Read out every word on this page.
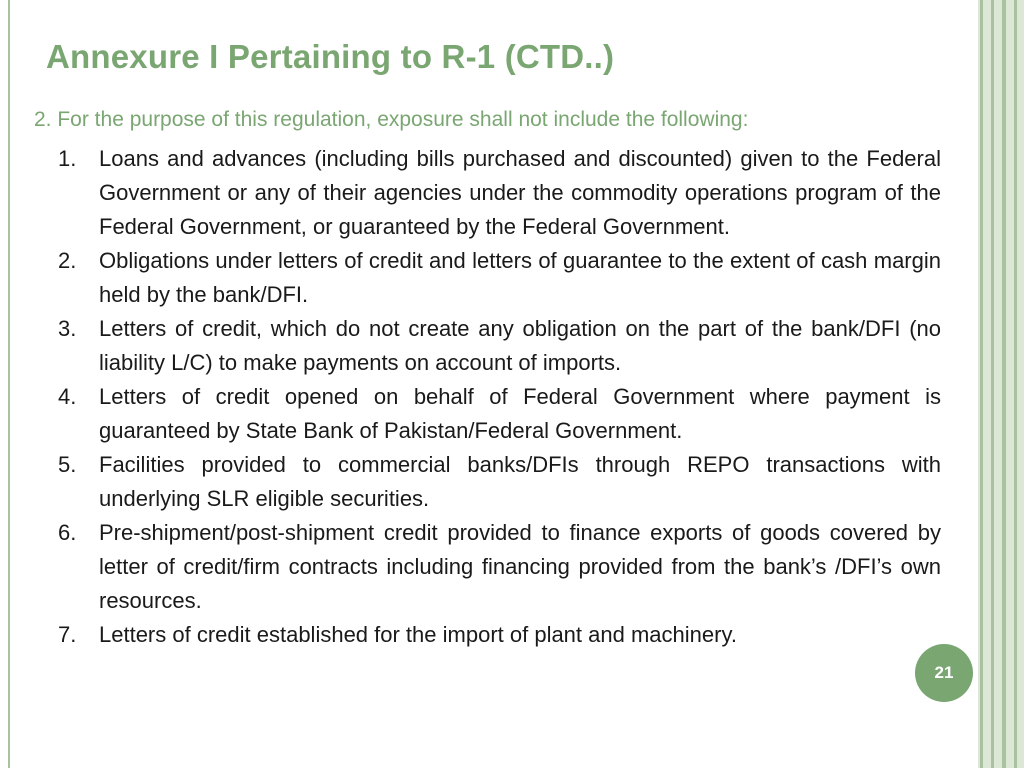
Annexure I Pertaining to R-1 (CTD..)

2. For the purpose of this regulation, exposure shall not include the following:

1. Loans and advances (including bills purchased and discounted) given to the Federal Government or any of their agencies under the commodity operations program of the Federal Government, or guaranteed by the Federal Government.
2. Obligations under letters of credit and letters of guarantee to the extent of cash margin held by the bank/DFI.
3. Letters of credit, which do not create any obligation on the part of the bank/DFI (no liability L/C) to make payments on account of imports.
4. Letters of credit opened on behalf of Federal Government where payment is guaranteed by State Bank of Pakistan/Federal Government.
5. Facilities provided to commercial banks/DFIs through REPO transactions with underlying SLR eligible securities.
6. Pre-shipment/post-shipment credit provided to finance exports of goods covered by letter of credit/firm contracts including financing provided from the bank’s /DFI’s own resources.
7. Letters of credit established for the import of plant and machinery.
21
